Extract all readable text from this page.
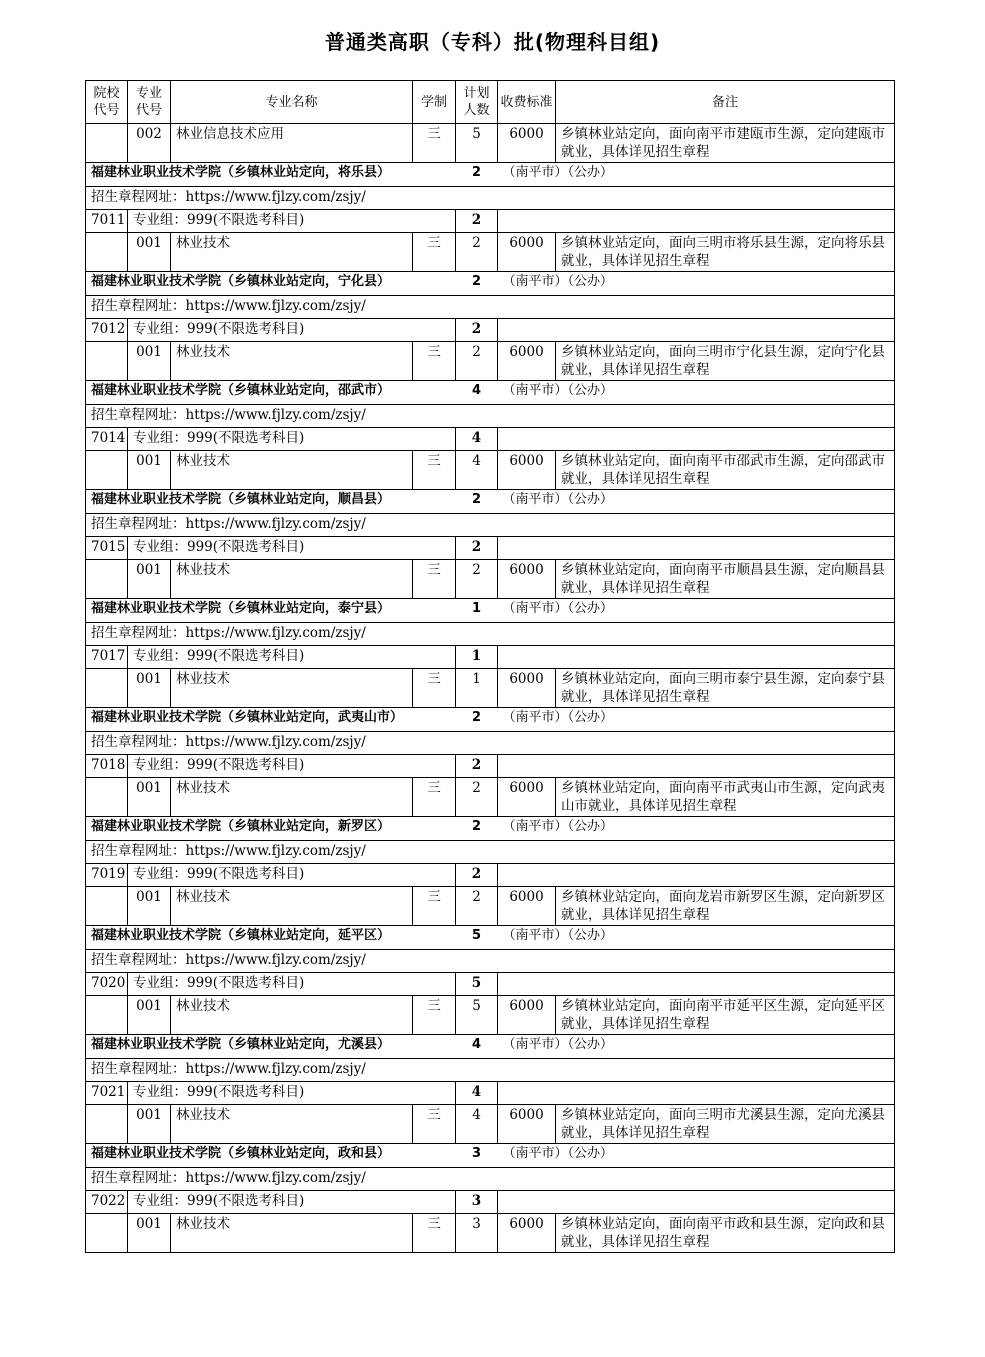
普通类高职（专科）批(物理科目组)
院校代号	专业代号	专业名称	学制	计划人数	收费标准	备注
	002	林业信息技术应用	三	5	6000	乡镇林业站定向，面向南平市建瓯市生源，定向建瓯市就业，具体详见招生章程
福建林业职业技术学院（乡镇林业站定向，将乐县）				2	（南平市）（公办）	
招生章程网址：https://www.fjlzy.com/zsjy/						
7011	专业组：999(不限选考科目)			2		
	001	林业技术	三	2	6000	乡镇林业站定向，面向三明市将乐县生源，定向将乐县就业，具体详见招生章程
福建林业职业技术学院（乡镇林业站定向，宁化县）				2	（南平市）（公办）	
招生章程网址：https://www.fjlzy.com/zsjy/						
7012	专业组：999(不限选考科目)			2		
	001	林业技术	三	2	6000	乡镇林业站定向，面向三明市宁化县生源，定向宁化县就业，具体详见招生章程
福建林业职业技术学院（乡镇林业站定向，邵武市）				4	（南平市）（公办）	
招生章程网址：https://www.fjlzy.com/zsjy/						
7014	专业组：999(不限选考科目)			4		
	001	林业技术	三	4	6000	乡镇林业站定向，面向南平市邵武市生源，定向邵武市就业，具体详见招生章程
福建林业职业技术学院（乡镇林业站定向，顺昌县）				2	（南平市）（公办）	
招生章程网址：https://www.fjlzy.com/zsjy/						
7015	专业组：999(不限选考科目)			2		
	001	林业技术	三	2	6000	乡镇林业站定向，面向南平市顺昌县生源，定向顺昌县就业，具体详见招生章程
福建林业职业技术学院（乡镇林业站定向，泰宁县）				1	（南平市）（公办）	
招生章程网址：https://www.fjlzy.com/zsjy/						
7017	专业组：999(不限选考科目)			1		
	001	林业技术	三	1	6000	乡镇林业站定向，面向三明市泰宁县生源，定向泰宁县就业，具体详见招生章程
福建林业职业技术学院（乡镇林业站定向，武夷山市）				2	（南平市）（公办）	
招生章程网址：https://www.fjlzy.com/zsjy/						
7018	专业组：999(不限选考科目)			2		
	001	林业技术	三	2	6000	乡镇林业站定向，面向南平市武夷山市生源，定向武夷山市就业，具体详见招生章程
福建林业职业技术学院（乡镇林业站定向，新罗区）				2	（南平市）（公办）	
招生章程网址：https://www.fjlzy.com/zsjy/						
7019	专业组：999(不限选考科目)			2		
	001	林业技术	三	2	6000	乡镇林业站定向，面向龙岩市新罗区生源，定向新罗区就业，具体详见招生章程
福建林业职业技术学院（乡镇林业站定向，延平区）				5	（南平市）（公办）	
招生章程网址：https://www.fjlzy.com/zsjy/						
7020	专业组：999(不限选考科目)			5		
	001	林业技术	三	5	6000	乡镇林业站定向，面向南平市延平区生源，定向延平区就业，具体详见招生章程
福建林业职业技术学院（乡镇林业站定向，尤溪县）				4	（南平市）（公办）	
招生章程网址：https://www.fjlzy.com/zsjy/						
7021	专业组：999(不限选考科目)			4		
	001	林业技术	三	4	6000	乡镇林业站定向，面向三明市尤溪县生源，定向尤溪县就业，具体详见招生章程
福建林业职业技术学院（乡镇林业站定向，政和县）				3	（南平市）（公办）	
招生章程网址：https://www.fjlzy.com/zsjy/						
7022	专业组：999(不限选考科目)			3		
	001	林业技术	三	3	6000	乡镇林业站定向，面向南平市政和县生源，定向政和县就业，具体详见招生章程
